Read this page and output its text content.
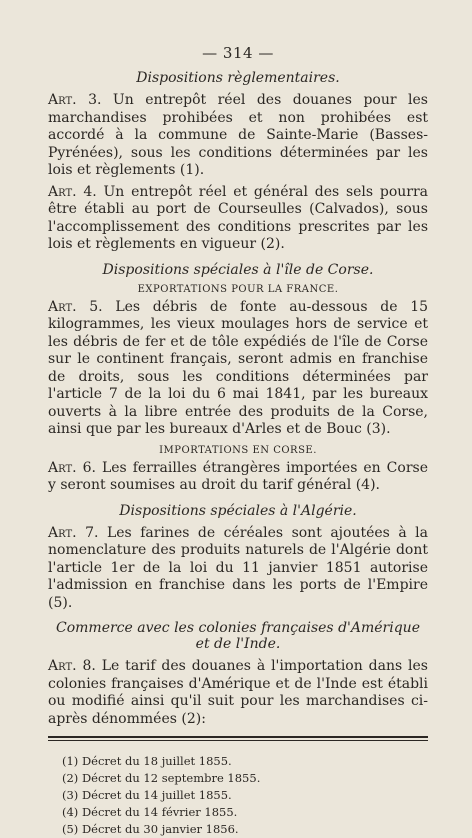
— 314 —
Dispositions règlementaires.

Art. 3. Un entrepôt réel des douanes pour les marchandises prohibées et non prohibées est accordé à la commune de Sainte-Marie (Basses-Pyrénées), sous les conditions déterminées par les lois et règlements (1).

Art. 4. Un entrepôt réel et général des sels pourra être établi au port de Courseulles (Calvados), sous l'accomplissement des conditions prescrites par les lois et règlements en vigueur (2).

Dispositions spéciales à l'île de Corse.
EXPORTATIONS POUR LA FRANCE.

Art. 5. Les débris de fonte au-dessous de 15 kilogrammes, les vieux moulages hors de service et les débris de fer et de tôle expédiés de l'île de Corse sur le continent français, seront admis en franchise de droits, sous les conditions déterminées par l'article 7 de la loi du 6 mai 1841, par les bureaux ouverts à la libre entrée des produits de la Corse, ainsi que par les bureaux d'Arles et de Bouc (3).

IMPORTATIONS EN CORSE.

Art. 6. Les ferrailles étrangères importées en Corse y seront soumises au droit du tarif général (4).

Dispositions spéciales à l'Algérie.

Art. 7. Les farines de céréales sont ajoutées à la nomenclature des produits naturels de l'Algérie dont l'article 1er de la loi du 11 janvier 1851 autorise l'admission en franchise dans les ports de l'Empire (5).

Commerce avec les colonies françaises d'Amérique et de l'Inde.

Art. 8. Le tarif des douanes à l'importation dans les colonies françaises d'Amérique et de l'Inde est établi ou modifié ainsi qu'il suit pour les marchandises ci-après dénommées (2):

(1) Décret du 18 juillet 1855.
(2) Décret du 12 septembre 1855.
(3) Décret du 14 juillet 1855.
(4) Décret du 14 février 1855.
(5) Décret du 30 janvier 1856.
